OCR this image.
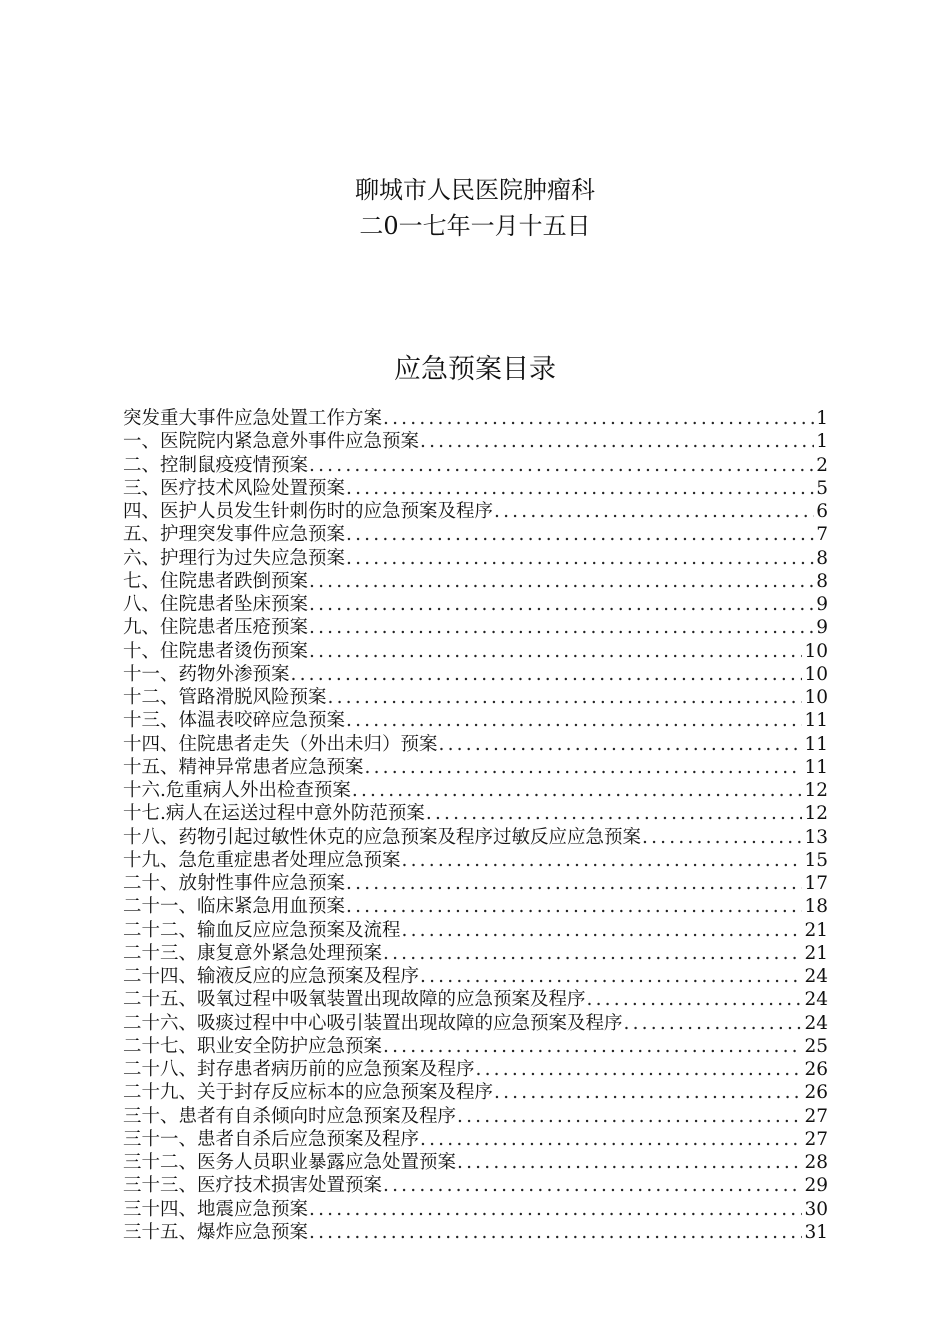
聊城市人民医院肿瘤科
二0一七年一月十五日
应急预案目录
突发重大事件应急处置工作方案 .....	1
一、医院院内紧急意外事件应急预案 .....	1
二、控制鼠疫疫情预案 .....	2
三、医疗技术风险处置预案 .....	5
四、医护人员发生针刺伤时的应急预案及程序 .....	6
五、护理突发事件应急预案 .....	7
六、护理行为过失应急预案 .....	8
七、住院患者跌倒预案 .....	8
八、住院患者坠床预案 .....	9
九、住院患者压疮预案 .....	9
十、住院患者烫伤预案 .....	10
十一、药物外渗预案 .....	10
十二、管路滑脱风险预案 .....	10
十三、体温表咬碎应急预案 .....	11
十四、住院患者走失（外出未归）预案 .....	11
十五、精神异常患者应急预案 .....	11
十六.危重病人外出检查预案 .....	12
十七.病人在运送过程中意外防范预案 .....	12
十八、药物引起过敏性休克的应急预案及程序过敏反应应急预案 .....	13
十九、急危重症患者处理应急预案 .....	15
二十、放射性事件应急预案 .....	17
二十一、临床紧急用血预案 .....	18
二十二、输血反应应急预案及流程 .....	21
二十三、康复意外紧急处理预案 .....	21
二十四、输液反应的应急预案及程序 .....	24
二十五、吸氧过程中吸氧装置出现故障的应急预案及程序 .....	24
二十六、吸痰过程中中心吸引装置出现故障的应急预案及程序 .....	24
二十七、职业安全防护应急预案 .....	25
二十八、封存患者病历前的应急预案及程序 .....	26
二十九、关于封存反应标本的应急预案及程序 .....	26
三十、患者有自杀倾向时应急预案及程序 .....	27
三十一、患者自杀后应急预案及程序 .....	27
三十二、医务人员职业暴露应急处置预案 .....	28
三十三、医疗技术损害处置预案 .....	29
三十四、地震应急预案 .....	30
三十五、爆炸应急预案 .....	31
